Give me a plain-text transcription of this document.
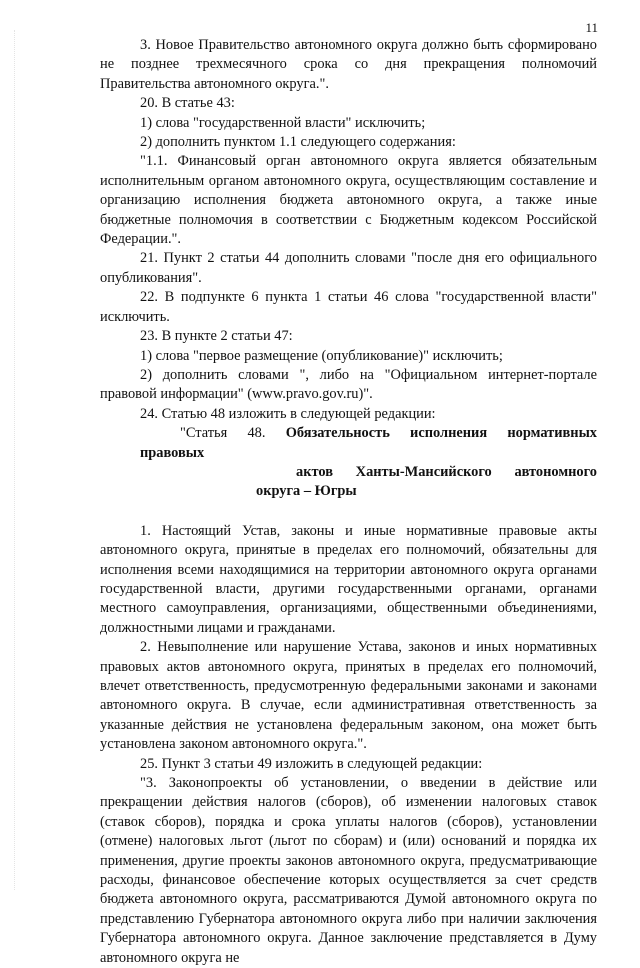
11

3. Новое Правительство автономного округа должно быть сформировано не позднее трехмесячного срока со дня прекращения полномочий Правительства автономного округа.".

20. В статье 43:

1) слова "государственной власти" исключить;

2) дополнить пунктом 1.1 следующего содержания:

"1.1. Финансовый орган автономного округа является обязательным исполнительным органом автономного округа, осуществляющим составление и организацию исполнения бюджета автономного округа, а также иные бюджетные полномочия в соответствии с Бюджетным кодексом Российской Федерации.".

21. Пункт 2 статьи 44 дополнить словами "после дня его официального опубликования".

22. В подпункте 6 пункта 1 статьи 46 слова "государственной власти" исключить.

23. В пункте 2 статьи 47:

1) слова "первое размещение (опубликование)" исключить;

2) дополнить словами ", либо на "Официальном интернет-портале правовой информации" (www.pravo.gov.ru)".

24. Статью 48 изложить в следующей редакции:

"Статья 48. Обязательность исполнения нормативных правовых
актов Ханты-Мансийского автономного округа – Югры

1. Настоящий Устав, законы и иные нормативные правовые акты автономного округа, принятые в пределах его полномочий, обязательны для исполнения всеми находящимися на территории автономного округа органами государственной власти, другими государственными органами, органами местного самоуправления, организациями, общественными объединениями, должностными лицами и гражданами.

2. Невыполнение или нарушение Устава, законов и иных нормативных правовых актов автономного округа, принятых в пределах его полномочий, влечет ответственность, предусмотренную федеральными законами и законами автономного округа. В случае, если административная ответственность за указанные действия не установлена федеральным законом, она может быть установлена законом автономного округа.".

25. Пункт 3 статьи 49 изложить в следующей редакции:

"3. Законопроекты об установлении, о введении в действие или прекращении действия налогов (сборов), об изменении налоговых ставок (ставок сборов), порядка и срока уплаты налогов (сборов), установлении (отмене) налоговых льгот (льгот по сборам) и (или) оснований и порядка их применения, другие проекты законов автономного округа, предусматривающие расходы, финансовое обеспечение которых осуществляется за счет средств бюджета автономного округа, рассматриваются Думой автономного округа по представлению Губернатора автономного округа либо при наличии заключения Губернатора автономного округа. Данное заключение представляется в Думу автономного округа не
